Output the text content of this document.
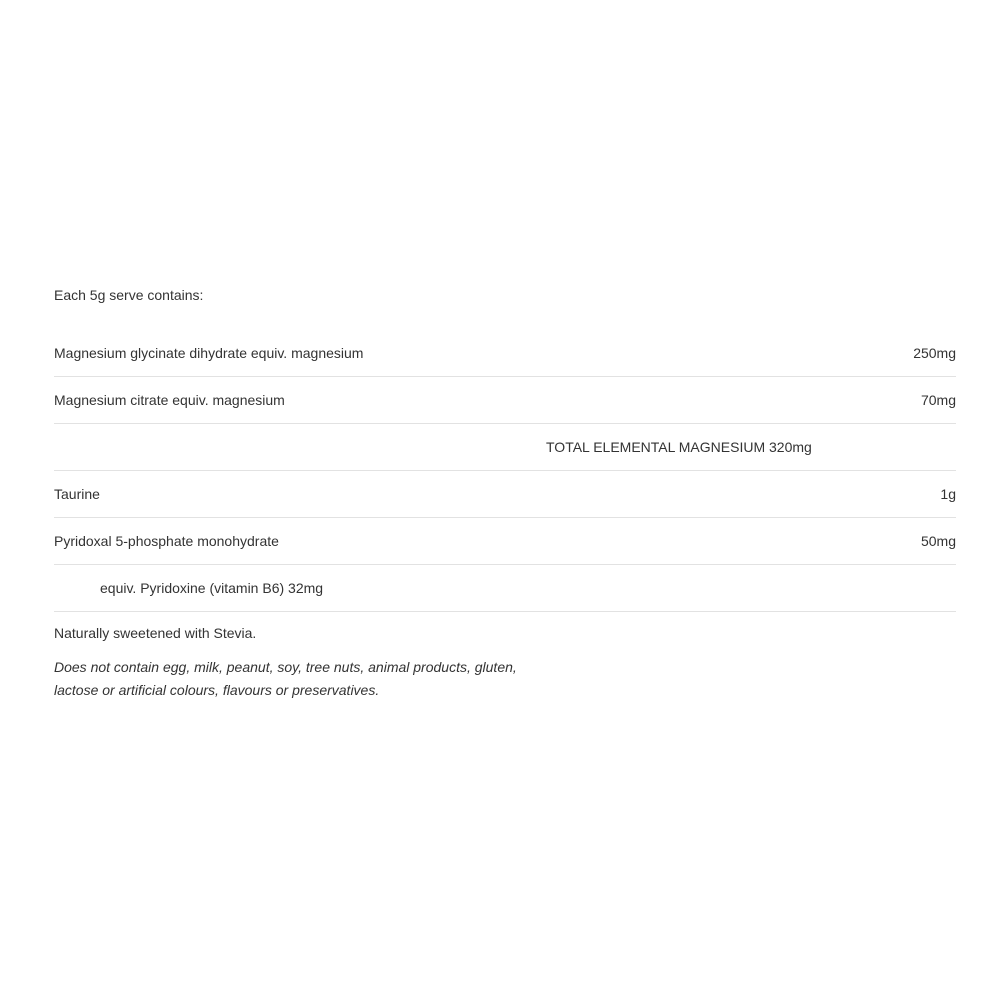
Each 5g serve contains:
Magnesium glycinate dihydrate equiv. magnesium	250mg
Magnesium citrate equiv. magnesium	70mg
TOTAL ELEMENTAL MAGNESIUM 320mg	
Taurine	1g
Pyridoxal 5-phosphate monohydrate	50mg
equiv. Pyridoxine (vitamin B6) 32mg	
Naturally sweetened with Stevia.
Does not contain egg, milk, peanut, soy, tree nuts, animal products, gluten,
lactose or artificial colours, flavours or preservatives.
